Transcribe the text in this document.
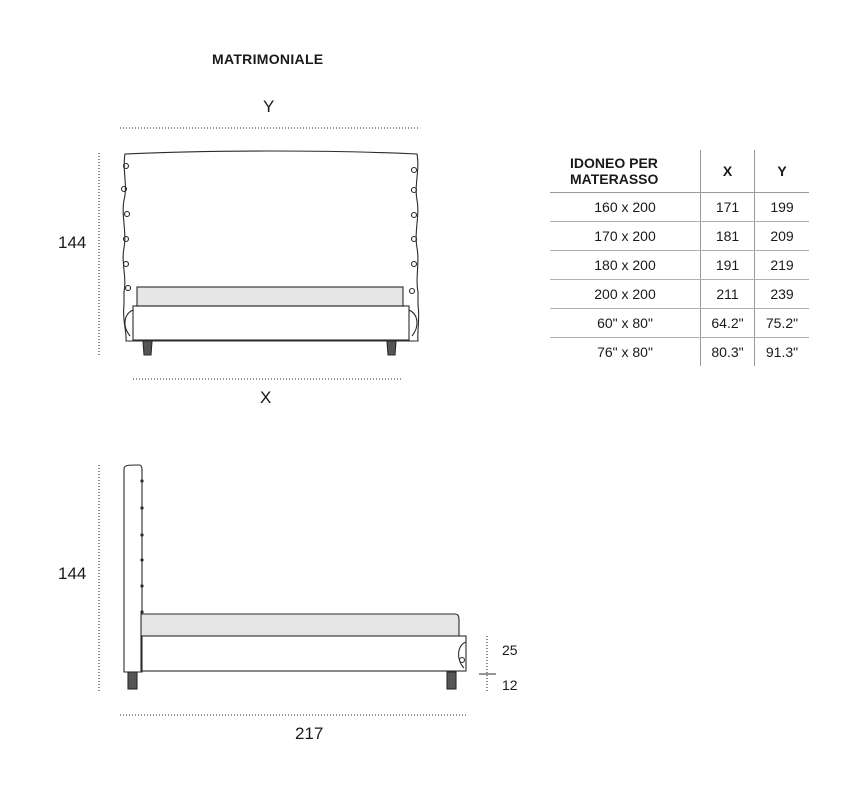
MATRIMONIALE
Y
144
X
144
217
25
12
IDONEO PER
MATERASSO	X	Y
160 x 200	171	199
170 x 200	181	209
180 x 200	191	219
200 x 200	211	239
60" x 80"	64.2"	75.2"
76" x 80"	80.3"	91.3"
